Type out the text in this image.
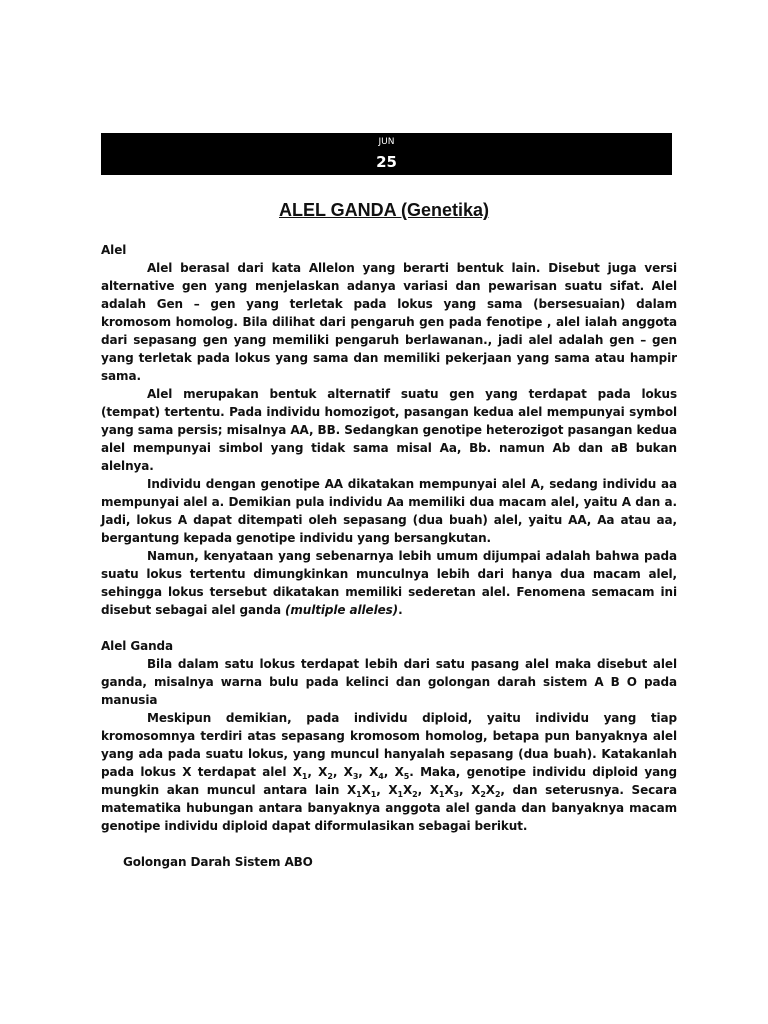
JUN
25
ALEL GANDA (Genetika)
Alel

Alel berasal dari kata Allelon yang berarti bentuk lain. Disebut juga versi alternative gen yang menjelaskan adanya variasi dan pewarisan suatu sifat. Alel adalah Gen – gen yang terletak pada lokus yang sama (bersesuaian) dalam kromosom homolog. Bila dilihat dari pengaruh gen pada fenotipe , alel ialah anggota dari sepasang gen yang memiliki pengaruh berlawanan., jadi alel adalah gen – gen yang terletak pada lokus yang sama dan memiliki pekerjaan yang sama atau hampir sama.

Alel merupakan bentuk alternatif suatu gen yang terdapat pada lokus (tempat) tertentu. Pada individu homozigot, pasangan kedua alel mempunyai symbol yang sama persis; misalnya AA, BB. Sedangkan genotipe heterozigot pasangan kedua alel mempunyai simbol yang tidak sama misal Aa, Bb. namun Ab dan aB bukan alelnya.

Individu dengan genotipe AA dikatakan mempunyai alel A, sedang individu aa mempunyai alel a. Demikian pula individu Aa memiliki dua macam alel, yaitu A dan a. Jadi, lokus A dapat ditempati oleh sepasang (dua buah) alel, yaitu AA, Aa atau aa, bergantung kepada genotipe individu yang bersangkutan.

Namun, kenyataan yang sebenarnya lebih umum dijumpai adalah bahwa pada suatu lokus tertentu dimungkinkan munculnya lebih dari hanya dua macam alel, sehingga lokus tersebut dikatakan memiliki sederetan alel. Fenomena semacam ini disebut sebagai alel ganda (multiple alleles).

Alel Ganda

Bila dalam satu lokus terdapat lebih dari satu pasang alel maka disebut alel ganda, misalnya warna bulu pada kelinci dan golongan darah sistem A B O pada manusia

Meskipun demikian, pada individu diploid, yaitu individu yang tiap kromosomnya terdiri atas sepasang kromosom homolog, betapa pun banyaknya alel yang ada pada suatu lokus, yang muncul hanyalah sepasang (dua buah). Katakanlah pada lokus X terdapat alel $X_1$, $X_2$, $X_3$, $X_4$, $X_5$. Maka, genotipe individu diploid yang mungkin akan muncul antara lain $X_1X_1$, $X_1X_2$, $X_1X_3$, $X_2X_2$, dan seterusnya. Secara matematika hubungan antara banyaknya anggota alel ganda dan banyaknya macam genotipe individu diploid dapat diformulasikan sebagai berikut.

Golongan Darah Sistem ABO
